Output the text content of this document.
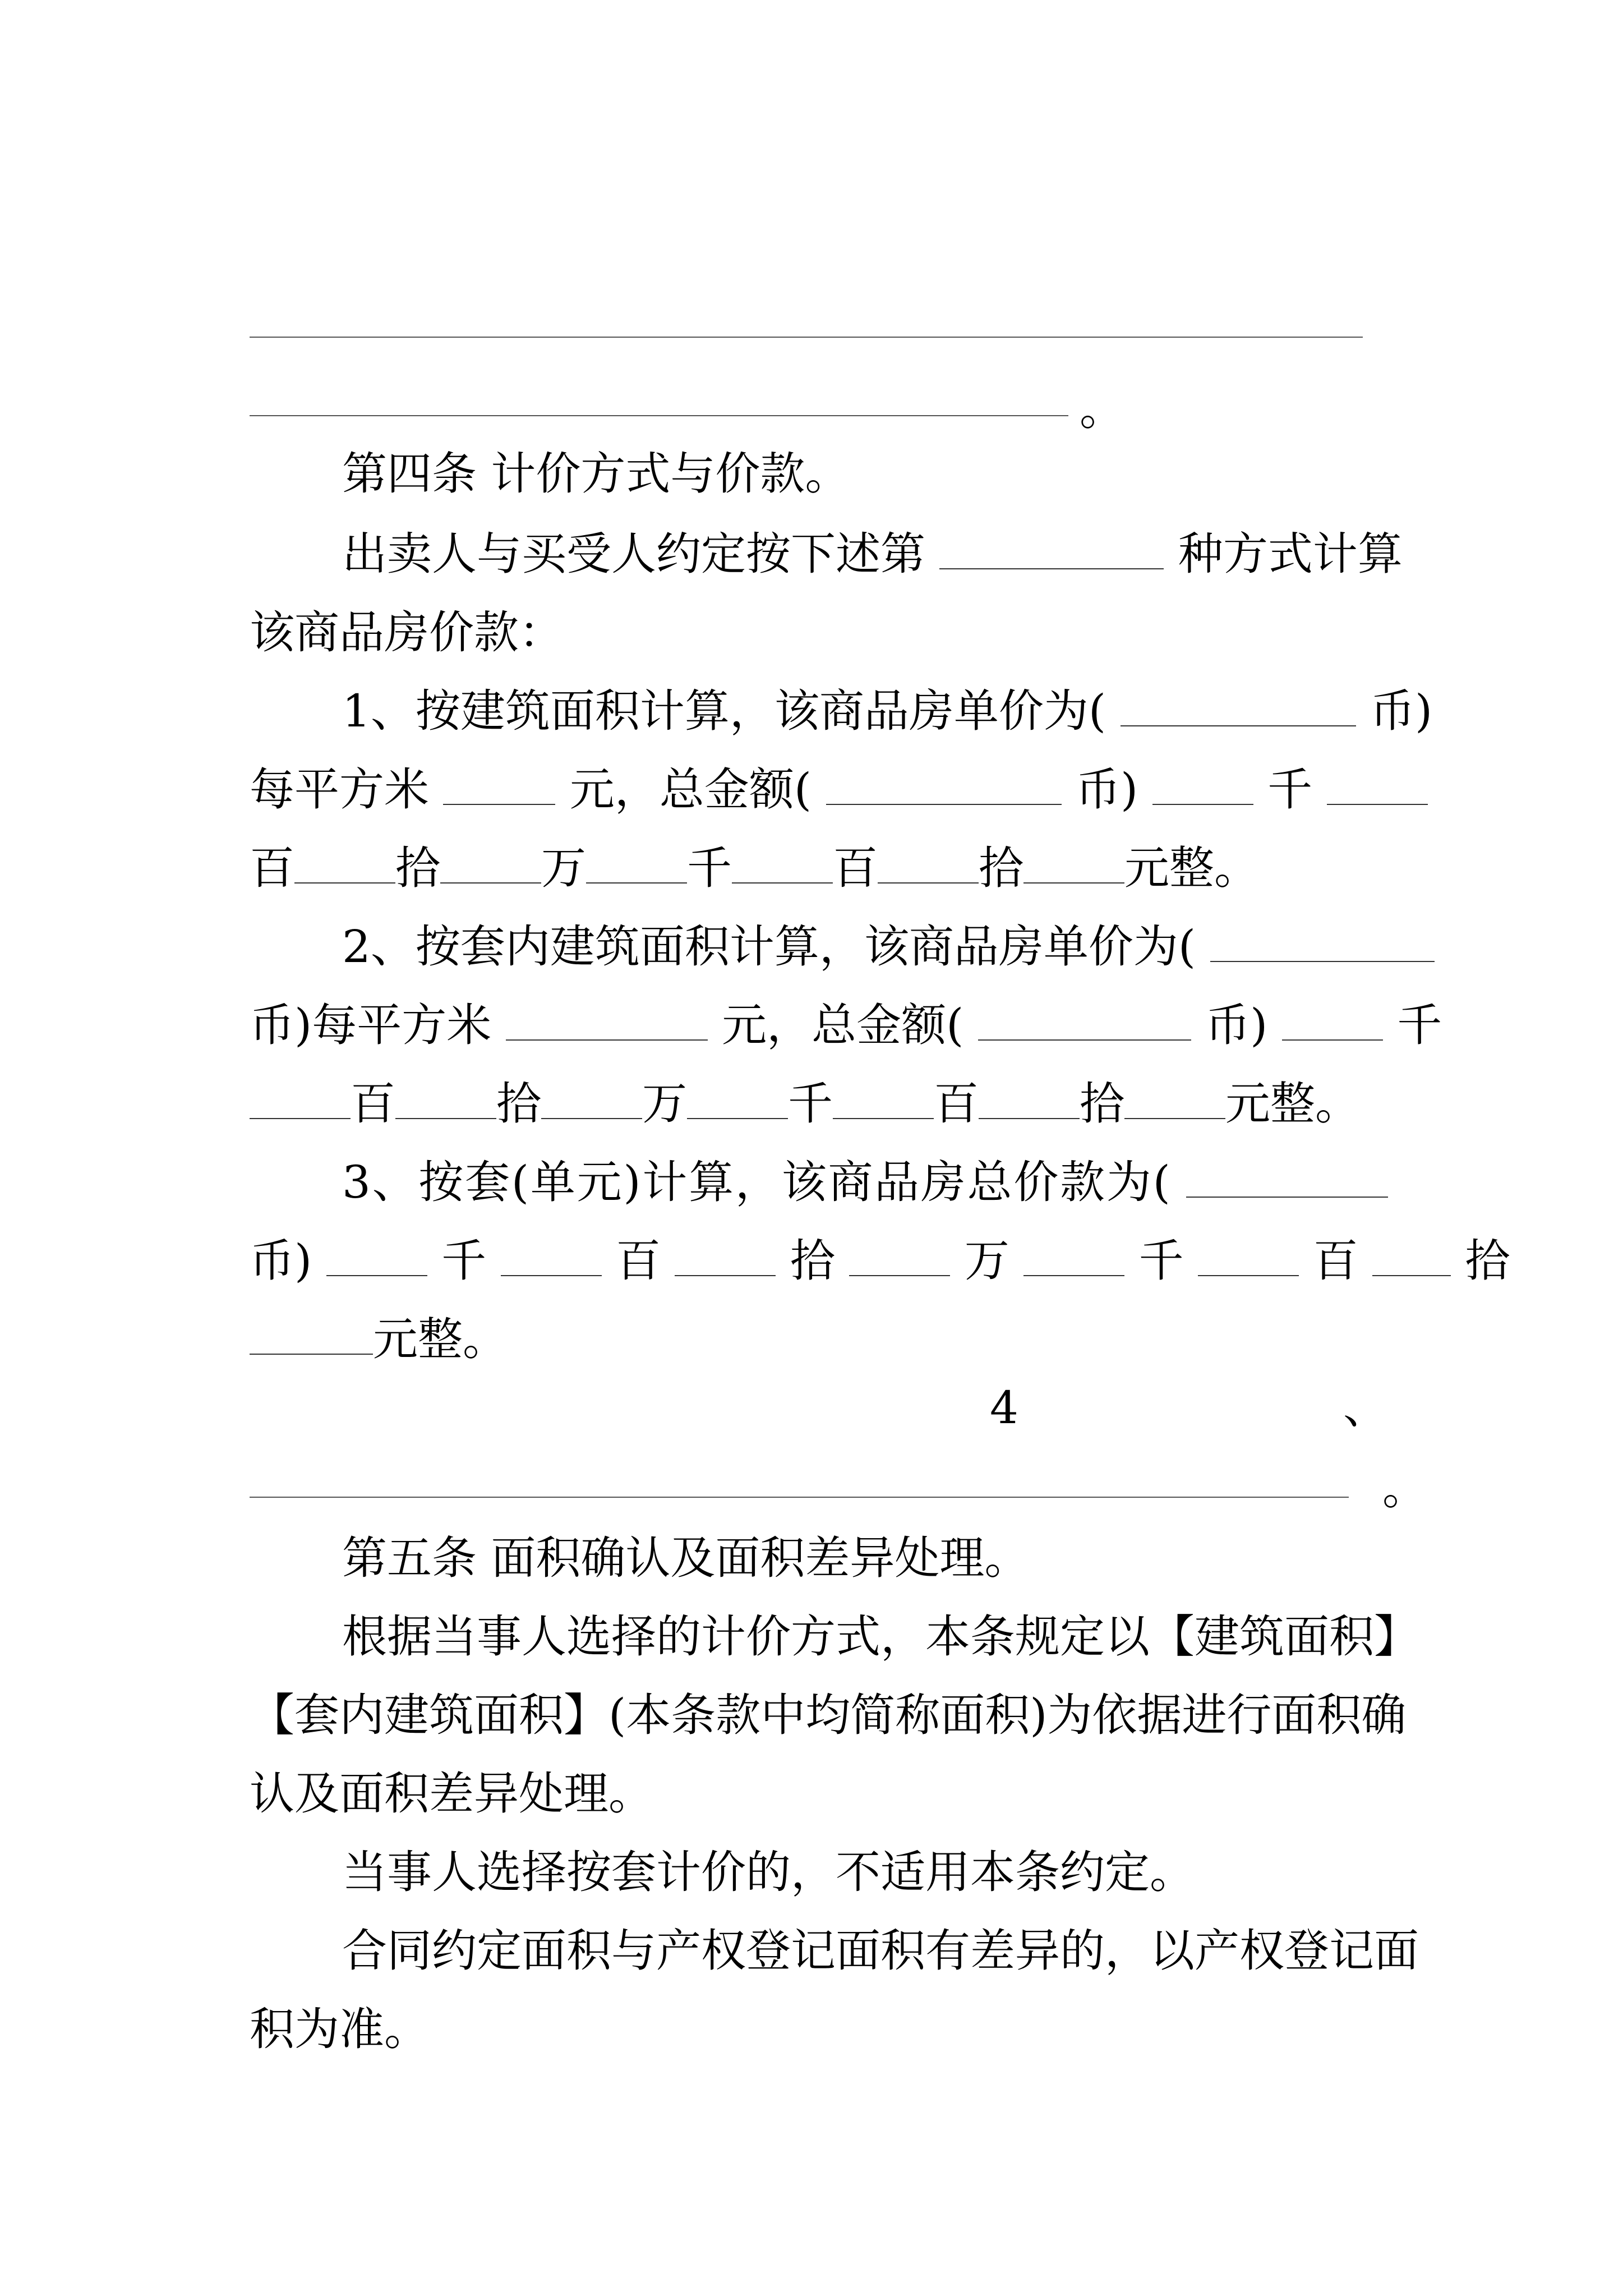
。
第四条 计价方式与价款。
出卖人与买受人约定按下述第	种方式计算
该商品房价款：
1、按建筑面积计算，该商品房单价为(	币)
每平方米	元，总金额(	币)	千
百 拾 万 千 百 拾 元整。
2、按套内建筑面积计算，该商品房单价为(
币)每平方米	元，总金额(	币)	千
百 拾 万 千 百 拾 元整。
3、按套(单元)计算，该商品房总价款为(
币)	千	百	拾	万	千	百 拾
元整。
4	、
。
第五条 面积确认及面积差异处理。
根据当事人选择的计价方式，本条规定以【建筑面积】
【套内建筑面积】(本条款中均简称面积)为依据进行面积确
认及面积差异处理。
当事人选择按套计价的，不适用本条约定。
合同约定面积与产权登记面积有差异的，以产权登记面
积为准。
